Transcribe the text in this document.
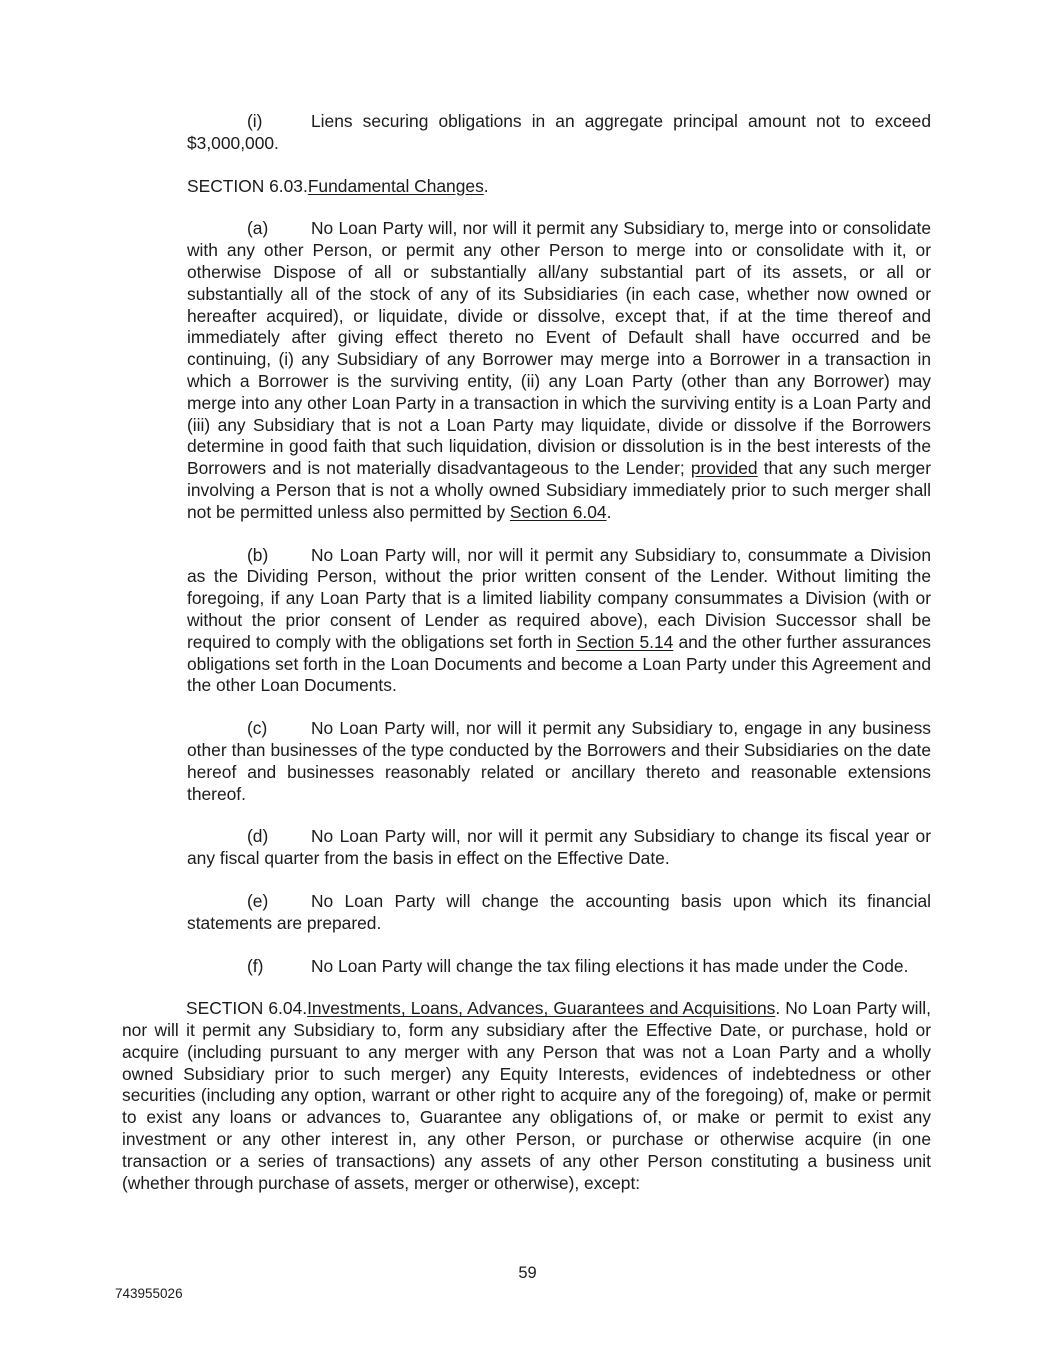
(i)	Liens securing obligations in an aggregate principal amount not to exceed $3,000,000.

SECTION 6.03.Fundamental Changes.

(a) No Loan Party will, nor will it permit any Subsidiary to, merge into or consolidate with any other Person, or permit any other Person to merge into or consolidate with it, or otherwise Dispose of all or substantially all/any substantial part of its assets, or all or substantially all of the stock of any of its Subsidiaries (in each case, whether now owned or hereafter acquired), or liquidate, divide or dissolve, except that, if at the time thereof and immediately after giving effect thereto no Event of Default shall have occurred and be continuing, (i) any Subsidiary of any Borrower may merge into a Borrower in a transaction in which a Borrower is the surviving entity, (ii) any Loan Party (other than any Borrower) may merge into any other Loan Party in a transaction in which the surviving entity is a Loan Party and (iii) any Subsidiary that is not a Loan Party may liquidate, divide or dissolve if the Borrowers determine in good faith that such liquidation, division or dissolution is in the best interests of the Borrowers and is not materially disadvantageous to the Lender; provided that any such merger involving a Person that is not a wholly owned Subsidiary immediately prior to such merger shall not be permitted unless also permitted by Section 6.04.

(b) No Loan Party will, nor will it permit any Subsidiary to, consummate a Division as the Dividing Person, without the prior written consent of the Lender. Without limiting the foregoing, if any Loan Party that is a limited liability company consummates a Division (with or without the prior consent of Lender as required above), each Division Successor shall be required to comply with the obligations set forth in Section 5.14 and the other further assurances obligations set forth in the Loan Documents and become a Loan Party under this Agreement and the other Loan Documents.

(c)	No Loan Party will, nor will it permit any Subsidiary to, engage in any business other than businesses of the type conducted by the Borrowers and their Subsidiaries on the date hereof and businesses reasonably related or ancillary thereto and reasonable extensions thereof.

(d) No Loan Party will, nor will it permit any Subsidiary to change its fiscal year or any fiscal quarter from the basis in effect on the Effective Date.

(e) No Loan Party will change the accounting basis upon which its financial statements are prepared.

(f)	No Loan Party will change the tax filing elections it has made under the Code.

SECTION 6.04.Investments, Loans, Advances, Guarantees and Acquisitions. No Loan Party will, nor will it permit any Subsidiary to, form any subsidiary after the Effective Date, or purchase, hold or acquire (including pursuant to any merger with any Person that was not a Loan Party and a wholly owned Subsidiary prior to such merger) any Equity Interests, evidences of indebtedness or other securities (including any option, warrant or other right to acquire any of the foregoing) of, make or permit to exist any loans or advances to, Guarantee any obligations of, or make or permit to exist any investment or any other interest in, any other Person, or purchase or otherwise acquire (in one transaction or a series of transactions) any assets of any other Person constituting a business unit (whether through purchase of assets, merger or otherwise), except:

59
743955026
